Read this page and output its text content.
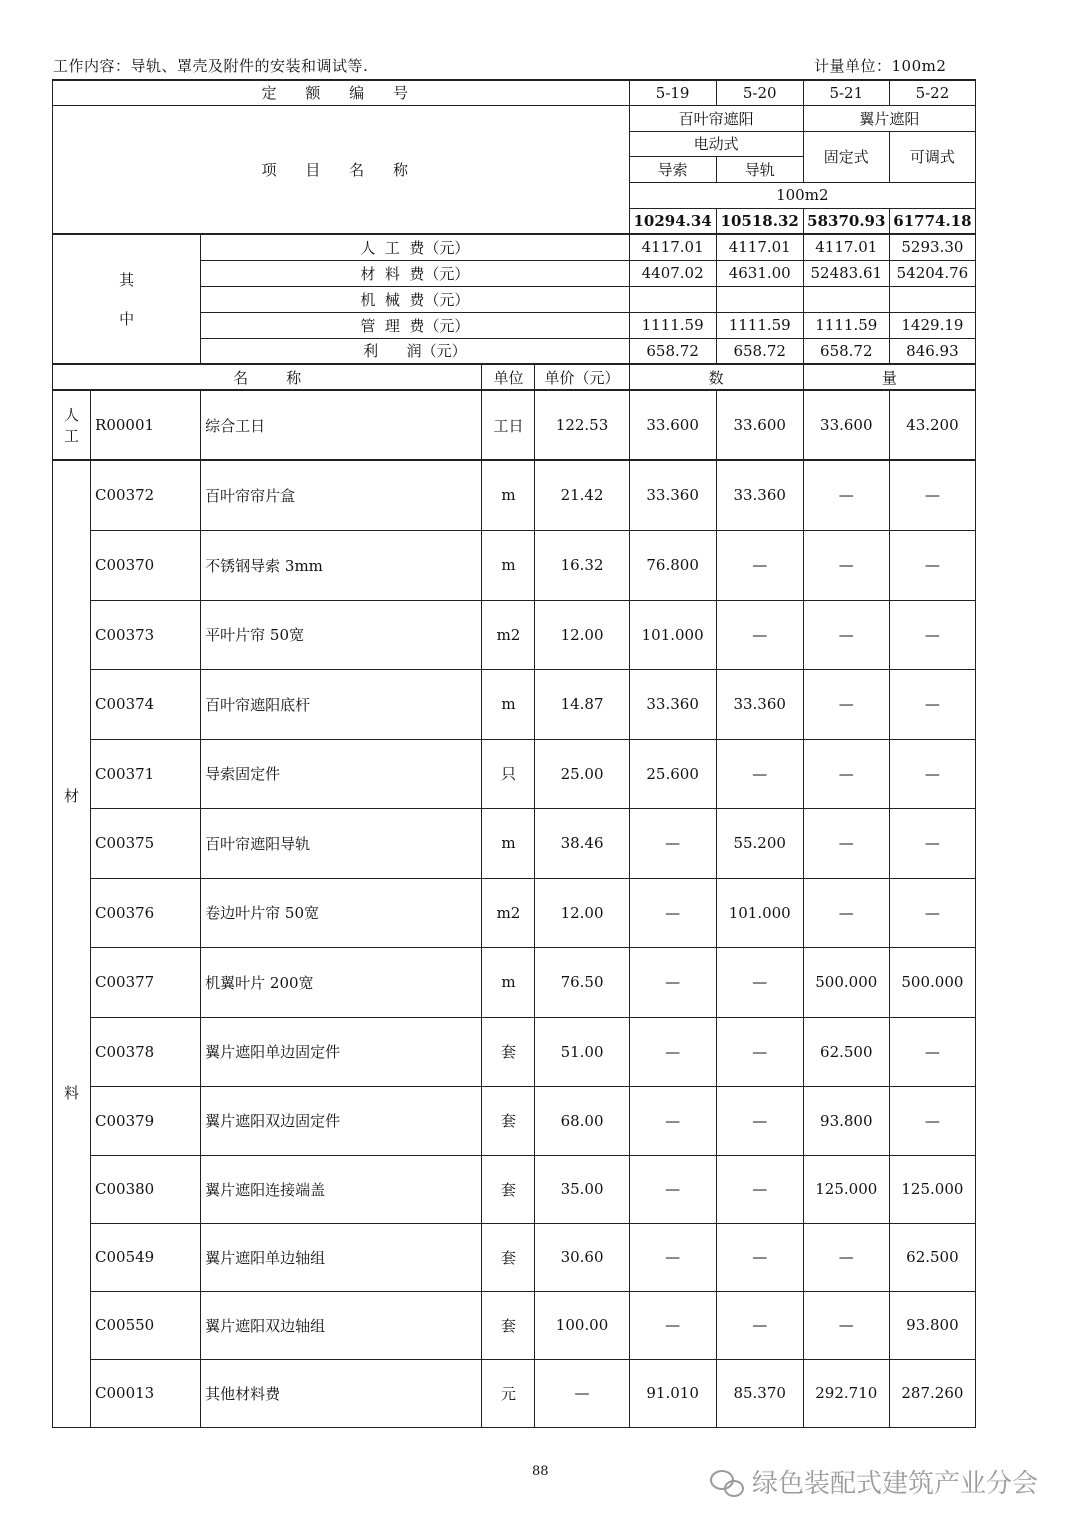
工作内容：导轨、罩壳及附件的安装和调试等.	计量单位：100m2
定 额 编 号					5-19	5-20	5-21	5-22
项 目 名 称					百叶帘遮阳		翼片遮阳	
					电动式		固定式	可调式
					导索	导轨		
					100m2			
					10294.34	10518.32	58370.93	61774.18

其
中		人  工  费（元）			4117.01	4117.01	4117.01	5293.30
		材  料  费（元）			4407.02	4631.00	52483.61	54204.76
		机  械  费（元）						
		管  理  费（元）			1111.59	1111.59	1111.59	1429.19
		利      润（元）			658.72	658.72	658.72	846.93
名        称			单位	单价（元）	数		量	

人
工	R00001	综合工日	工日	122.53	33.600	33.600	33.600	43.200

材
料	C00372	百叶帘帘片盒	m	21.42	33.360	33.360	—	—
	C00370	不锈钢导索 3mm	m	16.32	76.800	—	—	—
	C00373	平叶片帘 50宽	m2	12.00	101.000	—	—	—
	C00374	百叶帘遮阳底杆	m	14.87	33.360	33.360	—	—
	C00371	导索固定件	只	25.00	25.600	—	—	—
	C00375	百叶帘遮阳导轨	m	38.46	—	55.200	—	—
	C00376	卷边叶片帘 50宽	m2	12.00	—	101.000	—	—
	C00377	机翼叶片 200宽	m	76.50	—	—	500.000	500.000
	C00378	翼片遮阳单边固定件	套	51.00	—	—	62.500	—
	C00379	翼片遮阳双边固定件	套	68.00	—	—	93.800	—
	C00380	翼片遮阳连接端盖	套	35.00	—	—	125.000	125.000
	C00549	翼片遮阳单边轴组	套	30.60	—	—	—	62.500
	C00550	翼片遮阳双边轴组	套	100.00	—	—	—	93.800
	C00013	其他材料费	元	—	91.010	85.370	292.710	287.260
88	绿色装配式建筑产业分会
